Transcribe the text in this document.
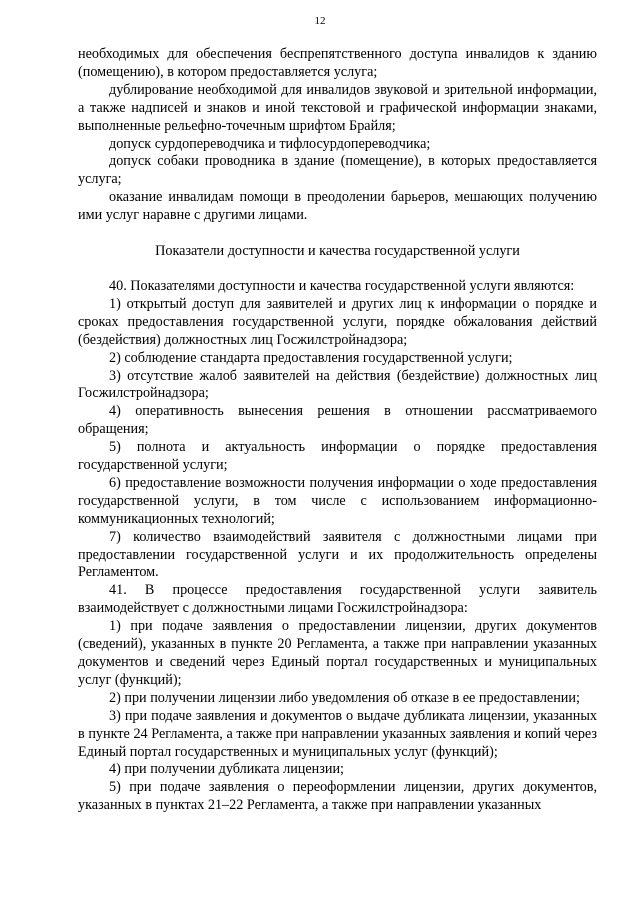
12

необходимых для обеспечения беспрепятственного доступа инвалидов к зданию (помещению), в котором предоставляется услуга;

дублирование необходимой для инвалидов звуковой и зрительной информации, а также надписей и знаков и иной текстовой и графической информации знаками, выполненные рельефно-точечным шрифтом Брайля;

допуск сурдопереводчика и тифлосурдопереводчика;

допуск собаки проводника в здание (помещение), в которых предоставляется услуга;

оказание инвалидам помощи в преодолении барьеров, мешающих получению ими услуг наравне с другими лицами.

Показатели доступности и качества государственной услуги

40. Показателями доступности и качества государственной услуги являются:

1) открытый доступ для заявителей и других лиц к информации о порядке и сроках предоставления государственной услуги, порядке обжалования действий (бездействия) должностных лиц Госжилстройнадзора;

2) соблюдение стандарта предоставления государственной услуги;

3) отсутствие жалоб заявителей на действия (бездействие) должностных лиц Госжилстройнадзора;

4) оперативность вынесения решения в отношении рассматриваемого обращения;

5) полнота и актуальность информации о порядке предоставления государственной услуги;

6) предоставление возможности получения информации о ходе предоставления государственной услуги, в том числе с использованием информационно-коммуникационных технологий;

7) количество взаимодействий заявителя с должностными лицами при предоставлении государственной услуги и их продолжительность определены Регламентом.

41. В процессе предоставления государственной услуги заявитель взаимодействует с должностными лицами Госжилстройнадзора:

1) при подаче заявления о предоставлении лицензии, других документов (сведений), указанных в пункте 20 Регламента, а также при направлении указанных документов и сведений через Единый портал государственных и муниципальных услуг (функций);

2) при получении лицензии либо уведомления об отказе в ее предоставлении;

3) при подаче заявления и документов о выдаче дубликата лицензии, указанных в пункте 24 Регламента, а также при направлении указанных заявления и копий через Единый портал государственных и муниципальных услуг (функций);

4) при получении дубликата лицензии;

5) при подаче заявления о переоформлении лицензии, других документов, указанных в пунктах 21–22 Регламента, а также при направлении указанных
